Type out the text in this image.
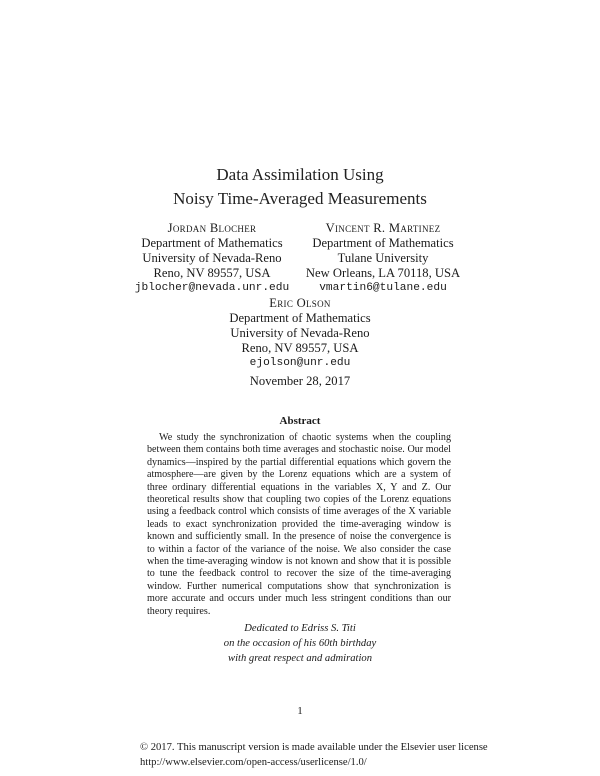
Data Assimilation Using
Noisy Time-Averaged Measurements
Jordan Blocher
Department of Mathematics
University of Nevada-Reno
Reno, NV 89557, USA
jblocher@nevada.unr.edu
Vincent R. Martinez
Department of Mathematics
Tulane University
New Orleans, LA 70118, USA
vmartin6@tulane.edu
Eric Olson
Department of Mathematics
University of Nevada-Reno
Reno, NV 89557, USA
ejolson@unr.edu
November 28, 2017
Abstract
We study the synchronization of chaotic systems when the coupling between them contains both time averages and stochastic noise. Our model dynamics—inspired by the partial differential equations which govern the atmosphere—are given by the Lorenz equations which are a system of three ordinary differential equations in the variables X, Y and Z. Our theoretical results show that coupling two copies of the Lorenz equations using a feedback control which consists of time averages of the X variable leads to exact synchronization provided the time-averaging window is known and sufficiently small. In the presence of noise the convergence is to within a factor of the variance of the noise. We also consider the case when the time-averaging window is not known and show that it is possible to tune the feedback control to recover the size of the time-averaging window. Further numerical computations show that synchronization is more accurate and occurs under much less stringent conditions than our theory requires.
Dedicated to Edriss S. Titi
on the occasion of his 60th birthday
with great respect and admiration
1
© 2017. This manuscript version is made available under the Elsevier user license
http://www.elsevier.com/open-access/userlicense/1.0/
